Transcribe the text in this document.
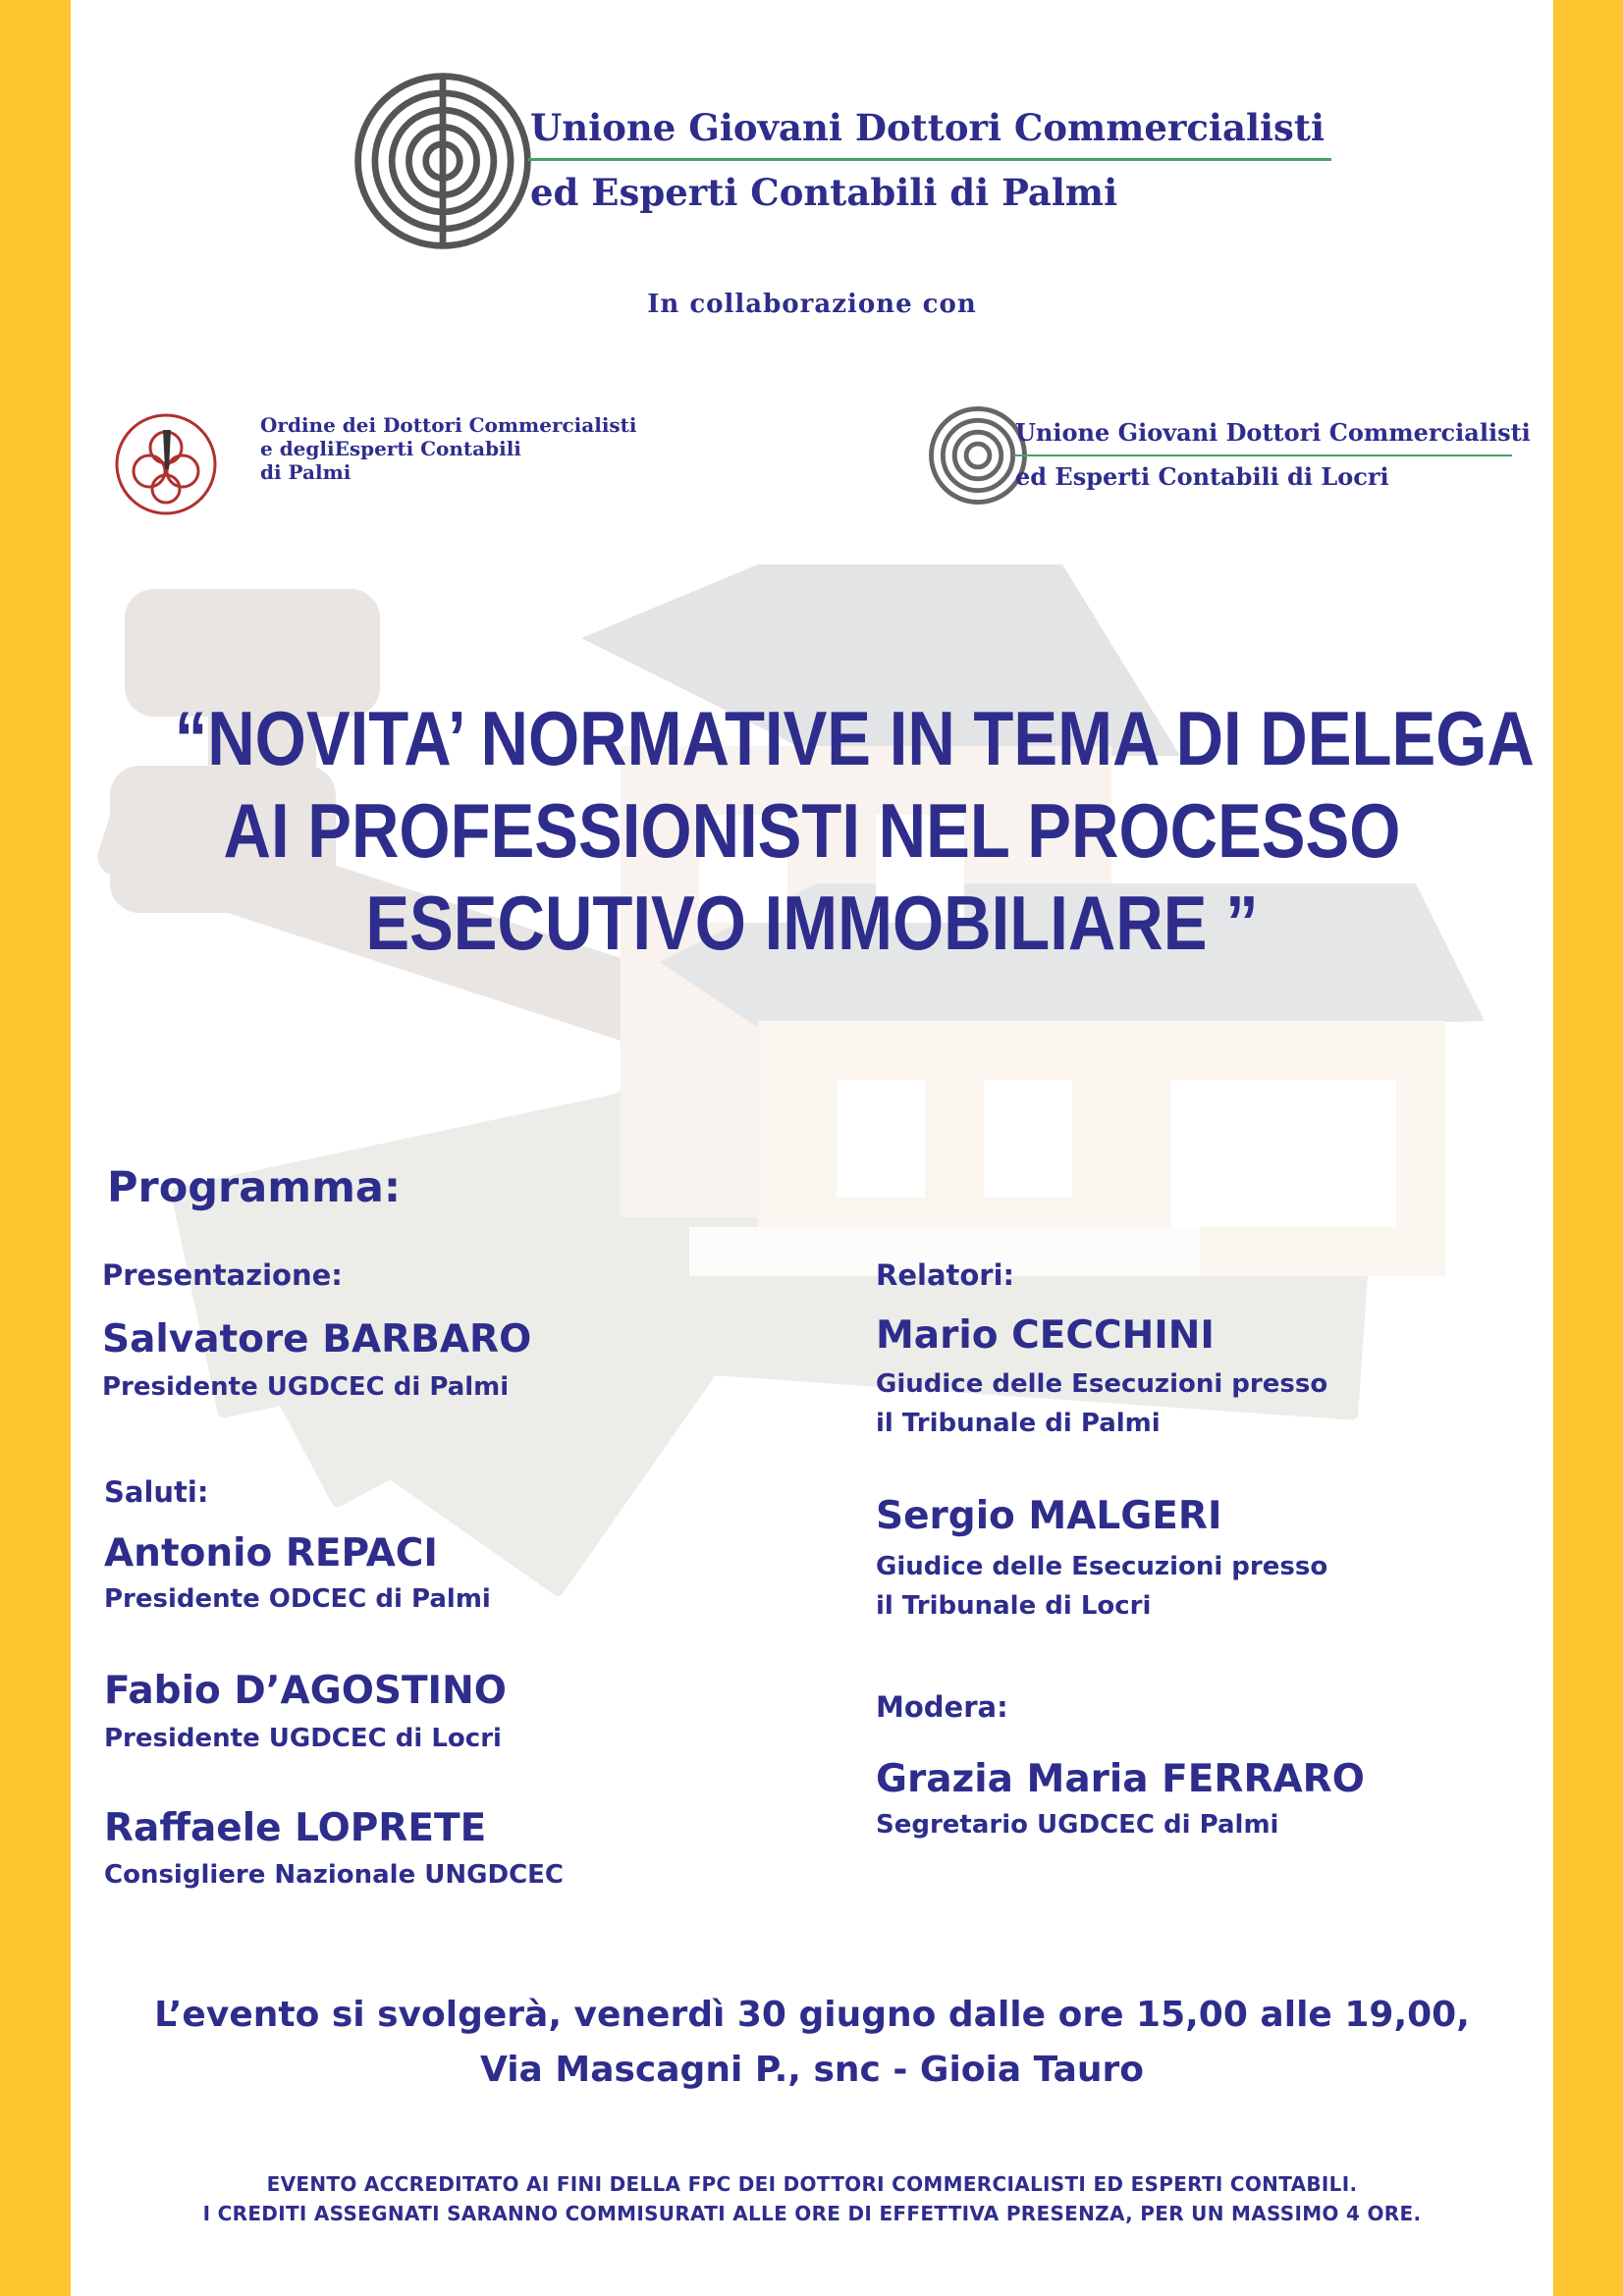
Unione Giovani Dottori Commercialisti
ed Esperti Contabili di Palmi
In collaborazione con
Ordine dei Dottori Commercialisti
e degliEsperti Contabili
di Palmi
Unione Giovani Dottori Commercialisti
ed Esperti Contabili di Locri
“NOVITA’ NORMATIVE IN TEMA DI DELEGA
AI PROFESSIONISTI NEL PROCESSO
ESECUTIVO IMMOBILIARE ”
Programma:
Presentazione:
Salvatore BARBARO
Presidente UGDCEC di Palmi
Saluti:
Antonio REPACI
Presidente ODCEC di Palmi
Fabio D’AGOSTINO
Presidente UGDCEC di Locri
Raffaele LOPRETE
Consigliere Nazionale UNGDCEC
Relatori:
Mario CECCHINI
Giudice delle Esecuzioni presso
il Tribunale di Palmi
Sergio MALGERI
Giudice delle Esecuzioni presso
il Tribunale di Locri
Modera:
Grazia Maria FERRARO
Segretario UGDCEC di Palmi
L’evento si svolgerà, venerdì 30 giugno dalle ore 15,00 alle 19,00,
Via Mascagni P., snc - Gioia Tauro
EVENTO ACCREDITATO AI FINI DELLA FPC DEI DOTTORI COMMERCIALISTI ED ESPERTI CONTABILI.
I CREDITI ASSEGNATI SARANNO COMMISURATI ALLE ORE DI EFFETTIVA PRESENZA, PER UN MASSIMO 4 ORE.
